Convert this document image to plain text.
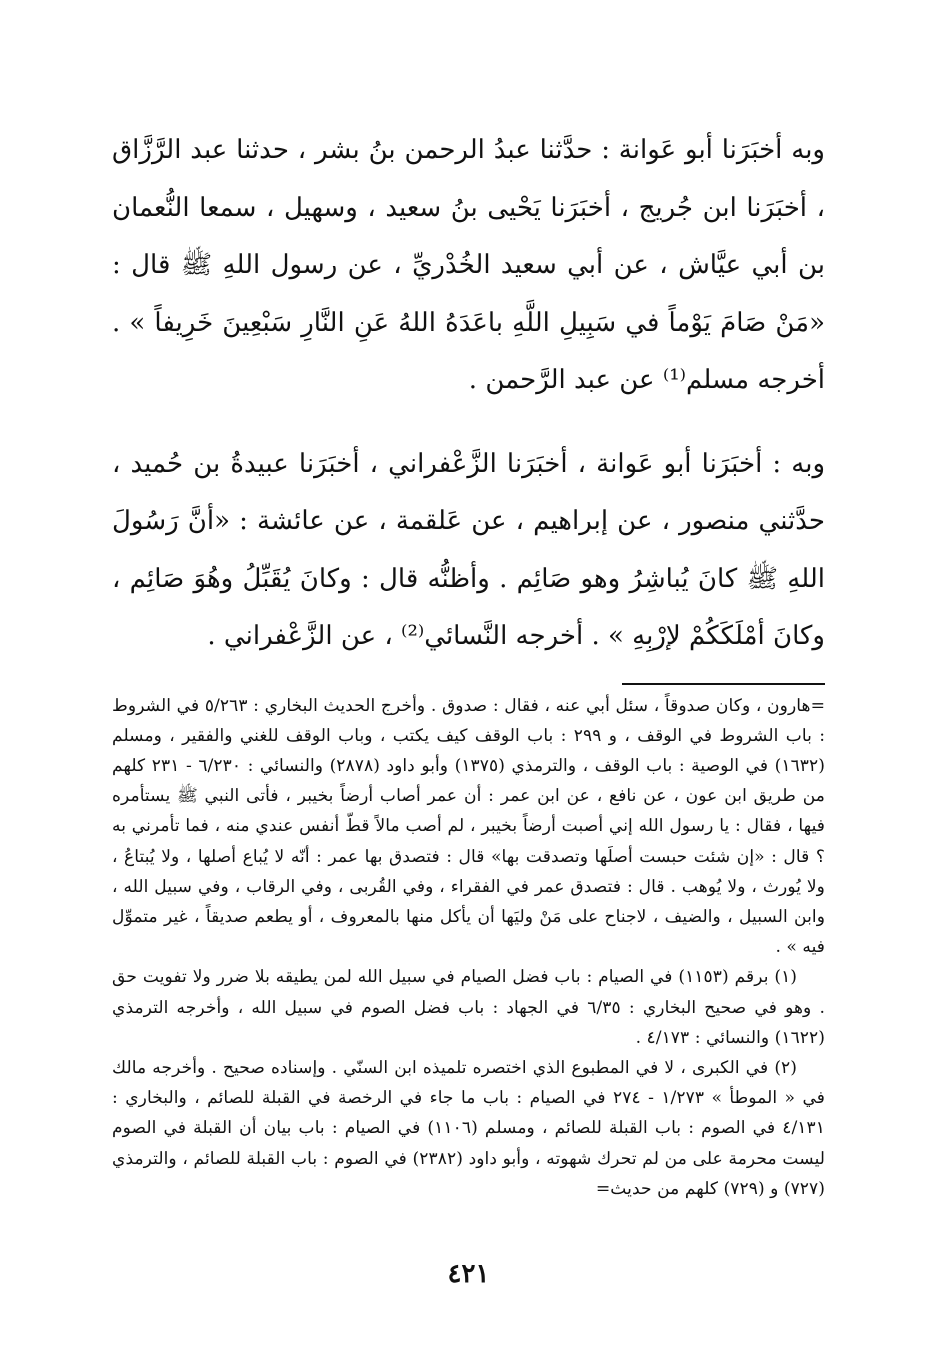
وبه أخبَرَنا أبو عَوانة : حدَّثنا عبدُ الرحمن بنُ بشر ، حدثنا عبد الرَّزَّاق ، أخبَرَنا ابن جُريج ، أخبَرَنا يَحْيى بنُ سعيد ، وسهيل ، سمعا النُّعمان بن أبي عيَّاش ، عن أبي سعيد الخُدْريِّ ، عن رسول اللهِ ﷺ قال : «مَنْ صَامَ يَوْماً في سَبِيلِ اللَّهِ باعَدَهُ اللهُ عَنِ النَّارِ سَبْعِينَ خَرِيفاً » . أخرجه مسلم⁽¹⁾ عن عبد الرَّحمن .

وبه : أخبَرَنا أبو عَوانة ، أخبَرَنا الزَّعْفراني ، أخبَرَنا عبيدةُ بن حُميد ، حدَّثني منصور ، عن إبراهيم ، عن عَلقمة ، عن عائشة : «أنَّ رَسُولَ اللهِ ﷺ كانَ يُباشِرُ وهو صَائِم . وأظنُّه قال : وكانَ يُقَبِّلُ وهُوَ صَائِم ، وكانَ أمْلَكَكُمْ لإرْبِهِ » . أخرجه النَّسائي⁽²⁾ ، عن الزَّعْفراني .

=هارون ، وكان صدوقاً ، سئل أبي عنه ، فقال : صدوق . وأخرج الحديث البخاري : ٥/٢٦٣ في الشروط : باب الشروط في الوقف ، و ٢٩٩ : باب الوقف كيف يكتب ، وباب الوقف للغني والفقير ، ومسلم (١٦٣٢) في الوصية : باب الوقف ، والترمذي (١٣٧٥) وأبو داود (٢٨٧٨) والنسائي : ٦/٢٣٠ - ٢٣١ كلهم من طريق ابن عون ، عن نافع ، عن ابن عمر : أن عمر أصاب أرضاً بخيبر ، فأتى النبي ﷺ يستأمره فيها ، فقال : يا رسول الله إني أصبت أرضاً بخيبر ، لم أصب مالاً قطّ أنفس عندي منه ، فما تأمرني به ؟ قال : «إن شئت حبست أصلَها وتصدقت بها» قال : فتصدق بها عمر : أنّه لا يُباع أصلها ، ولا يُبتاعُ ، ولا يُورث ، ولا يُوهب . قال : فتصدق عمر في الفقراء ، وفي القُربى ، وفي الرقاب ، وفي سبيل الله ، وابن السبيل ، والضيف ، لاجناح على مَنْ وليَها أن يأكل منها بالمعروف ، أو يطعم صديقاً ، غير متموِّل فيه » .

(١) برقم (١١٥٣) في الصيام : باب فضل الصيام في سبيل الله لمن يطيقه بلا ضرر ولا تفويت حق . وهو في صحيح البخاري : ٦/٣٥ في الجهاد : باب فضل الصوم في سبيل الله ، وأخرجه الترمذي (١٦٢٢) والنسائي : ٤/١٧٣ .

(٢) في الكبرى ، لا في المطبوع الذي اختصره تلميذه ابن السنّي . وإسناده صحيح . وأخرجه مالك في « الموطأ » ١/٢٧٣ - ٢٧٤ في الصيام : باب ما جاء في الرخصة في القبلة للصائم ، والبخاري : ٤/١٣١ في الصوم : باب القبلة للصائم ، ومسلم (١١٠٦) في الصيام : باب بيان أن القبلة في الصوم ليست محرمة على من لم تحرك شهوته ، وأبو داود (٢٣٨٢) في الصوم : باب القبلة للصائم ، والترمذي (٧٢٧) و (٧٢٩) كلهم من حديث=

٤٢١
